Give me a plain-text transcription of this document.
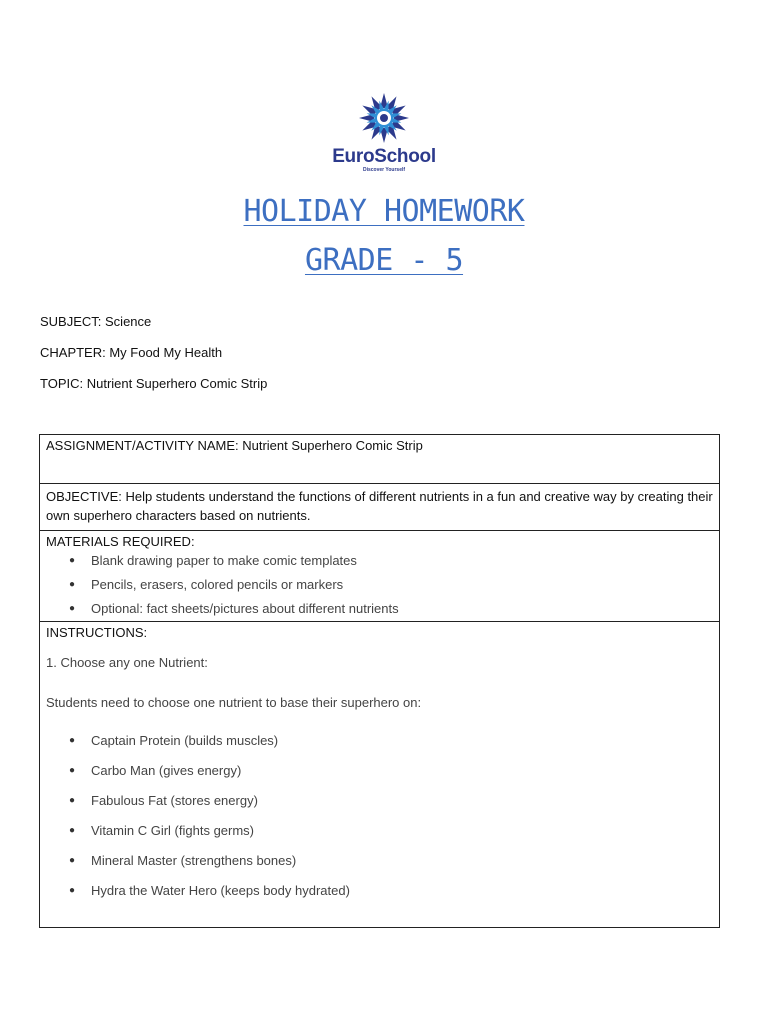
EuroSchool
Discover Yourself
HOLIDAY HOMEWORK
GRADE - 5
SUBJECT: Science
CHAPTER: My Food My Health
TOPIC: Nutrient Superhero Comic Strip
ASSIGNMENT/ACTIVITY NAME: Nutrient Superhero Comic Strip
OBJECTIVE: Help students understand the functions of different nutrients in a fun and creative way by creating their own superhero characters based on nutrients.
MATERIALS REQUIRED:
● Blank drawing paper to make comic templates
● Pencils, erasers, colored pencils or markers
● Optional: fact sheets/pictures about different nutrients
INSTRUCTIONS:
1. Choose any one Nutrient:
Students need to choose one nutrient to base their superhero on:
● Captain Protein (builds muscles)
● Carbo Man (gives energy)
● Fabulous Fat (stores energy)
● Vitamin C Girl (fights germs)
● Mineral Master (strengthens bones)
● Hydra the Water Hero (keeps body hydrated)
